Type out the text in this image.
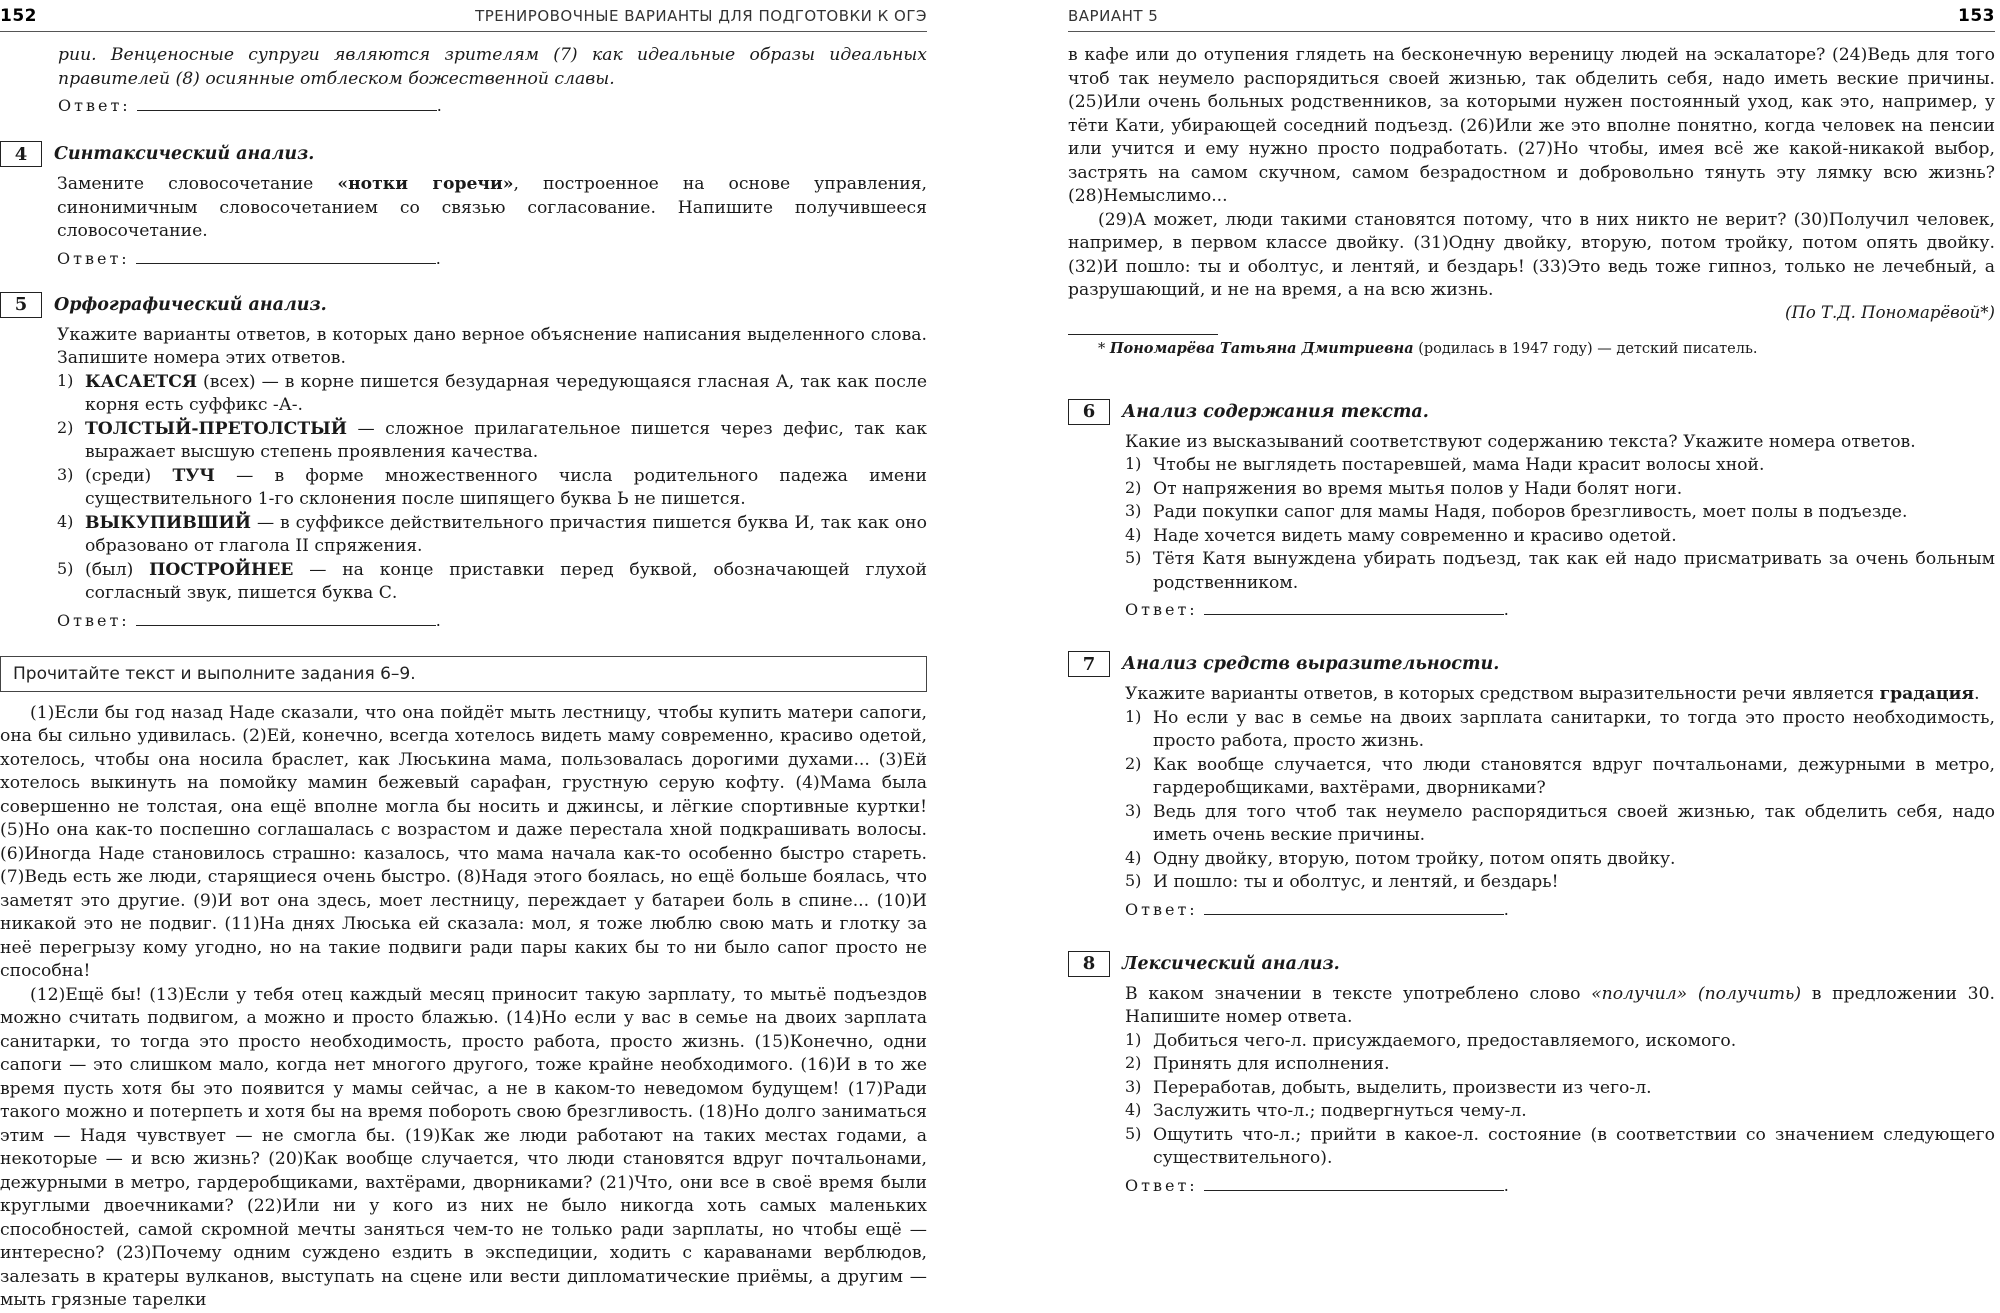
152	ТРЕНИРОВОЧНЫЕ ВАРИАНТЫ ДЛЯ ПОДГОТОВКИ К ОГЭ

рии. Венценосные супруги являются зрителям (7) как идеальные образы идеальных правителей (8) осиянные отблеском божественной славы.

Ответ:	.
4	Синтаксический анализ.

Замените словосочетание «нотки горечи», построенное на основе управления, синонимичным словосочетанием со связью согласование. Напишите получившееся словосочетание.

Ответ:	.
5	Орфографический анализ.

Укажите варианты ответов, в которых дано верное объяснение написания выделенного слова. Запишите номера этих ответов.

1) КАСАЕТСЯ (всех) — в корне пишется безударная чередующаяся гласная А, так как после корня есть суффикс -А-.

2) ТОЛСТЫЙ-ПРЕТОЛСТЫЙ — сложное прилагательное пишется через дефис, так как выражает высшую степень проявления качества.

3) (среди) ТУЧ — в форме множественного числа родительного падежа имени существительного 1-го склонения после шипящего буква Ь не пишется.

4) ВЫКУПИВШИЙ — в суффиксе действительного причастия пишется буква И, так как оно образовано от глагола II спряжения.

5) (был) ПОСТРОЙНЕЕ — на конце приставки перед буквой, обозначающей глухой согласный звук, пишется буква С.

Ответ:	.
Прочитайте текст и выполните задания 6–9.

(1)Если бы год назад Наде сказали, что она пойдёт мыть лестницу, чтобы купить матери сапоги, она бы сильно удивилась. (2)Ей, конечно, всегда хотелось видеть маму современно, красиво одетой, хотелось, чтобы она носила браслет, как Люськина мама, пользовалась дорогими духами... (3)Ей хотелось выкинуть на помойку мамин бежевый сарафан, грустную серую кофту. (4)Мама была совершенно не толстая, она ещё вполне могла бы носить и джинсы, и лёгкие спортивные куртки! (5)Но она как-то поспешно соглашалась с возрастом и даже перестала хной подкрашивать волосы. (6)Иногда Наде становилось страшно: казалось, что мама начала как-то особенно быстро стареть. (7)Ведь есть же люди, старящиеся очень быстро. (8)Надя этого боялась, но ещё больше боялась, что заметят это другие. (9)И вот она здесь, моет лестницу, переждает у батареи боль в спине... (10)И никакой это не подвиг. (11)На днях Люська ей сказала: мол, я тоже люблю свою мать и глотку за неё перегрызу кому угодно, но на такие подвиги ради пары каких бы то ни было сапог просто не способна!

(12)Ещё бы! (13)Если у тебя отец каждый месяц приносит такую зарплату, то мытьё подъездов можно считать подвигом, а можно и просто блажью. (14)Но если у вас в семье на двоих зарплата санитарки, то тогда это просто необходимость, просто работа, просто жизнь. (15)Конечно, одни сапоги — это слишком мало, когда нет многого другого, тоже крайне необходимого. (16)И в то же время пусть хотя бы это появится у мамы сейчас, а не в каком-то неведомом будущем! (17)Ради такого можно и потерпеть и хотя бы на время побороть свою брезгливость. (18)Но долго заниматься этим — Надя чувствует — не смогла бы. (19)Как же люди работают на таких местах годами, а некоторые — и всю жизнь? (20)Как вообще случается, что люди становятся вдруг почтальонами, дежурными в метро, гардеробщиками, вахтёрами, дворниками? (21)Что, они все в своё время были круглыми двоечниками? (22)Или ни у кого из них не было никогда хоть самых маленьких способностей, самой скромной мечты заняться чем-то не только ради зарплаты, но чтобы ещё — интересно? (23)Почему одним суждено ездить в экспедиции, ходить с караванами верблюдов, залезать в кратеры вулканов, выступать на сцене или вести дипломатические приёмы, а другим — мыть грязные тарелки

ВАРИАНТ 5	153

в кафе или до отупения глядеть на бесконечную вереницу людей на эскалаторе? (24)Ведь для того чтоб так неумело распорядиться своей жизнью, так обделить себя, надо иметь веские причины. (25)Или очень больных родственников, за которыми нужен постоянный уход, как это, например, у тёти Кати, убирающей соседний подъезд. (26)Или же это вполне понятно, когда человек на пенсии или учится и ему нужно просто подработать. (27)Но чтобы, имея всё же какой-никакой выбор, застрять на самом скучном, самом безрадостном и добровольно тянуть эту лямку всю жизнь? (28)Немыслимо...

(29)А может, люди такими становятся потому, что в них никто не верит? (30)Получил человек, например, в первом классе двойку. (31)Одну двойку, вторую, потом тройку, потом опять двойку. (32)И пошло: ты и оболтус, и лентяй, и бездарь! (33)Это ведь тоже гипноз, только не лечебный, а разрушающий, и не на время, а на всю жизнь.

(По Т.Д. Пономарёвой*)
* Пономарёва Татьяна Дмитриевна (родилась в 1947 году) — детский писатель.
6	Анализ содержания текста.

Какие из высказываний соответствуют содержанию текста? Укажите номера ответов.

1) Чтобы не выглядеть постаревшей, мама Нади красит волосы хной.

2) От напряжения во время мытья полов у Нади болят ноги.

3) Ради покупки сапог для мамы Надя, поборов брезгливость, моет полы в подъезде.

4) Наде хочется видеть маму современно и красиво одетой.

5) Тётя Катя вынуждена убирать подъезд, так как ей надо присматривать за очень больным родственником.

Ответ:	.
7	Анализ средств выразительности.

Укажите варианты ответов, в которых средством выразительности речи является градация.

1) Но если у вас в семье на двоих зарплата санитарки, то тогда это просто необходимость, просто работа, просто жизнь.

2) Как вообще случается, что люди становятся вдруг почтальонами, дежурными в метро, гардеробщиками, вахтёрами, дворниками?

3) Ведь для того чтоб так неумело распорядиться своей жизнью, так обделить себя, надо иметь очень веские причины.

4) Одну двойку, вторую, потом тройку, потом опять двойку.

5) И пошло: ты и оболтус, и лентяй, и бездарь!

Ответ:	.
8	Лексический анализ.

В каком значении в тексте употреблено слово «получил» (получить) в предложении 30. Напишите номер ответа.

1) Добиться чего-л. присуждаемого, предоставляемого, искомого.

2) Принять для исполнения.

3) Переработав, добыть, выделить, произвести из чего-л.

4) Заслужить что-л.; подвергнуться чему-л.

5) Ощутить что-л.; прийти в какое-л. состояние (в соответствии со значением следующего существительного).

Ответ:	.
